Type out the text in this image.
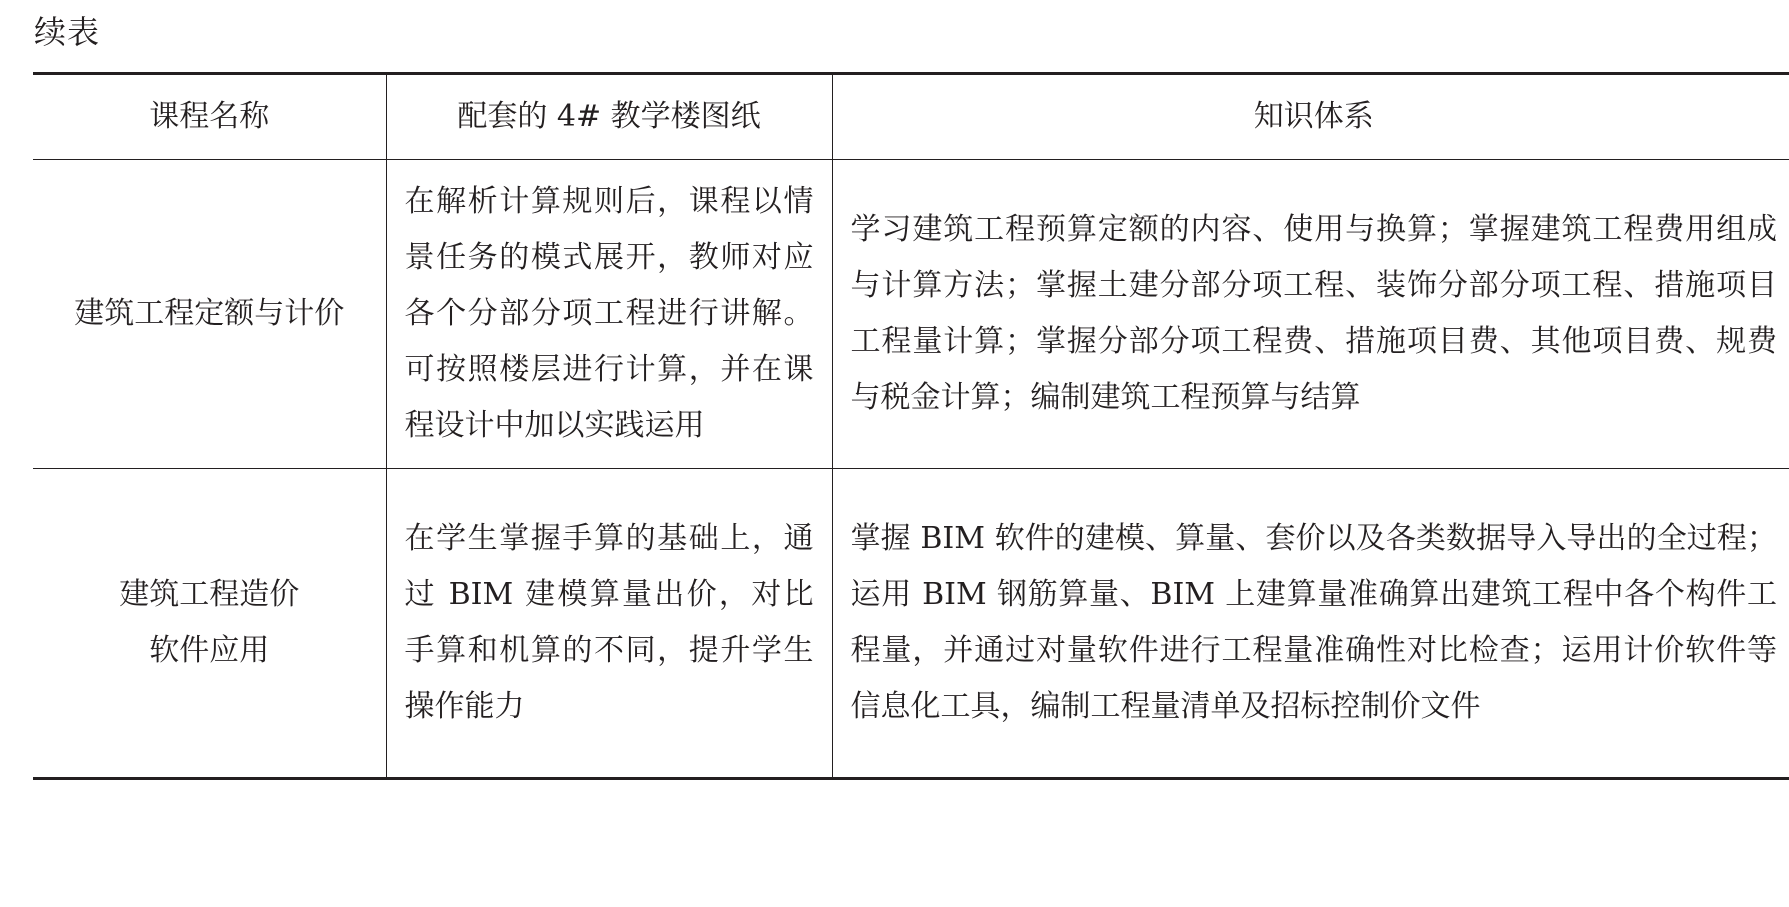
续表
课程名称	配套的 4# 教学楼图纸	知识体系

建筑工程定额与计价	在解析计算规则后，课程以情景任务的模式展开，教师对应各个分部分项工程进行讲解。可按照楼层进行计算，并在课程设计中加以实践运用	学习建筑工程预算定额的内容、使用与换算；掌握建筑工程费用组成与计算方法；掌握土建分部分项工程、装饰分部分项工程、措施项目工程量计算；掌握分部分项工程费、措施项目费、其他项目费、规费与税金计算；编制建筑工程预算与结算

建筑工程造价
软件应用	在学生掌握手算的基础上，通过 BIM 建模算量出价，对比手算和机算的不同，提升学生操作能力	掌握 BIM 软件的建模、算量、套价以及各类数据导入导出的全过程；运用 BIM 钢筋算量、BIM 上建算量准确算出建筑工程中各个构件工程量，并通过对量软件进行工程量准确性对比检查；运用计价软件等信息化工具，编制工程量清单及招标控制价文件
